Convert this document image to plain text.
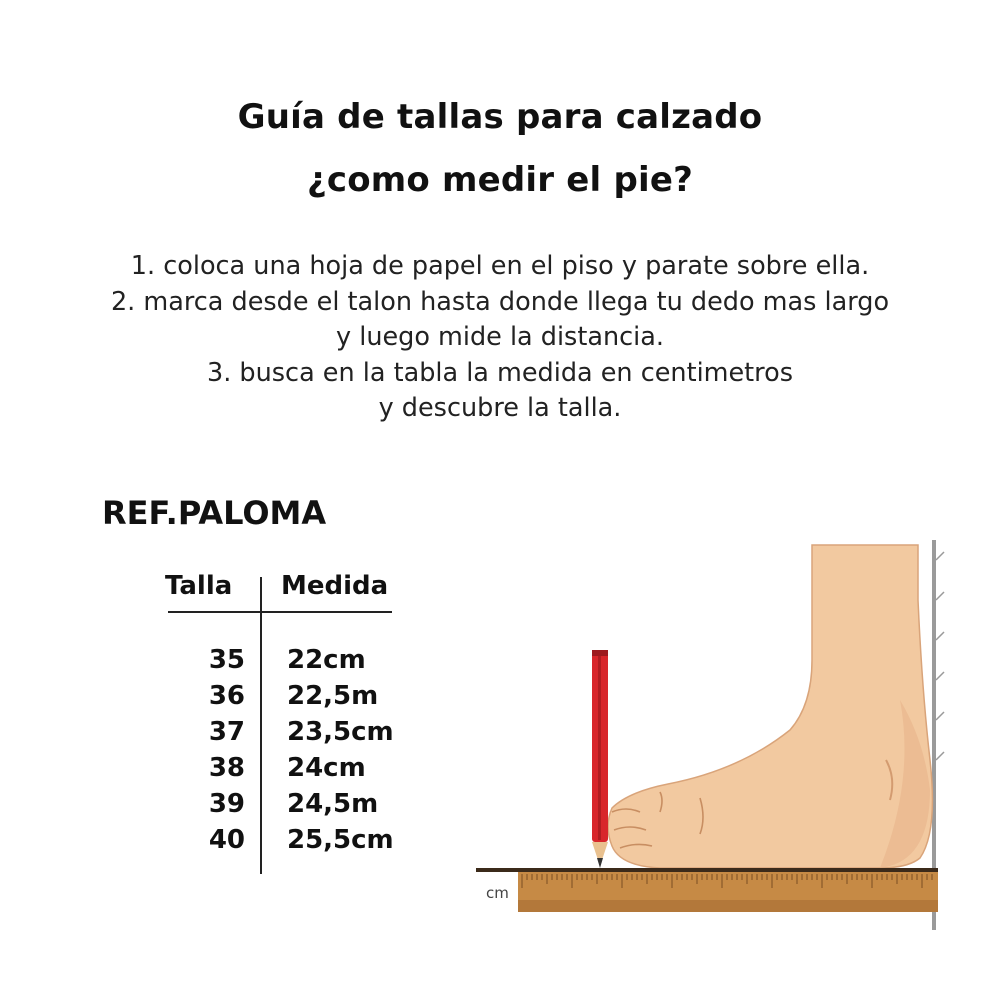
Guía de tallas para calzado
¿como medir el pie?
1. coloca una hoja de papel en el piso y parate sobre ella.
2. marca desde el talon hasta donde llega tu dedo mas largo
y luego mide la distancia.
3. busca en la tabla la medida en centimetros
y descubre la talla.
REF.PALOMA
Talla Medida
35 22cm
36 22,5m
37 23,5cm
38 24cm
39 24,5m
40 25,5cm
cm
